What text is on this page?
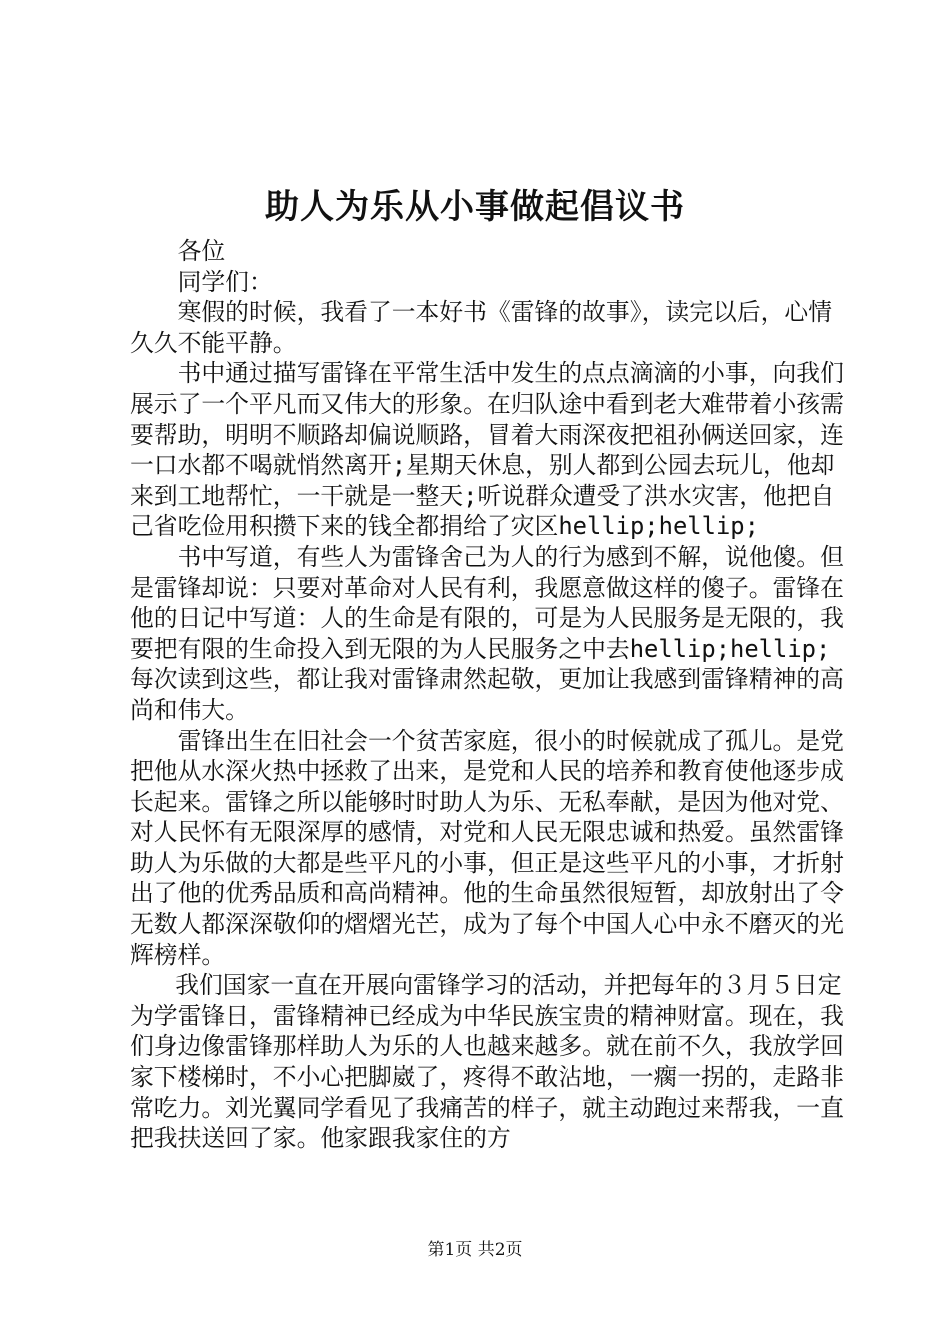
助人为乐从小事做起倡议书

各位

同学们：

寒假的时候，我看了一本好书《雷锋的故事》，读完以后，心情久久不能平静。

书中通过描写雷锋在平常生活中发生的点点滴滴的小事，向我们展示了一个平凡而又伟大的形象。在归队途中看到老大难带着小孩需要帮助，明明不顺路却偏说顺路，冒着大雨深夜把祖孙俩送回家，连一口水都不喝就悄然离开;星期天休息，别人都到公园去玩儿，他却来到工地帮忙，一干就是一整天;听说群众遭受了洪水灾害，他把自己省吃俭用积攒下来的钱全都捐给了灾区hellip;hellip;

书中写道，有些人为雷锋舍己为人的行为感到不解，说他傻。但是雷锋却说：只要对革命对人民有利，我愿意做这样的傻子。雷锋在他的日记中写道：人的生命是有限的，可是为人民服务是无限的，我要把有限的生命投入到无限的为人民服务之中去hellip;hellip;每次读到这些，都让我对雷锋肃然起敬，更加让我感到雷锋精神的高尚和伟大。

雷锋出生在旧社会一个贫苦家庭，很小的时候就成了孤儿。是党把他从水深火热中拯救了出来，是党和人民的培养和教育使他逐步成长起来。雷锋之所以能够时时助人为乐、无私奉献，是因为他对党、对人民怀有无限深厚的感情，对党和人民无限忠诚和热爱。虽然雷锋助人为乐做的大都是些平凡的小事，但正是这些平凡的小事，才折射出了他的优秀品质和高尚精神。他的生命虽然很短暂，却放射出了令无数人都深深敬仰的熠熠光芒，成为了每个中国人心中永不磨灭的光辉榜样。

我们国家一直在开展向雷锋学习的活动，并把每年的３月５日定为学雷锋日，雷锋精神已经成为中华民族宝贵的精神财富。现在，我们身边像雷锋那样助人为乐的人也越来越多。就在前不久，我放学回家下楼梯时，不小心把脚崴了，疼得不敢沾地，一瘸一拐的，走路非常吃力。刘光翼同学看见了我痛苦的样子，就主动跑过来帮我，一直把我扶送回了家。他家跟我家住的方

第1页 共2页
